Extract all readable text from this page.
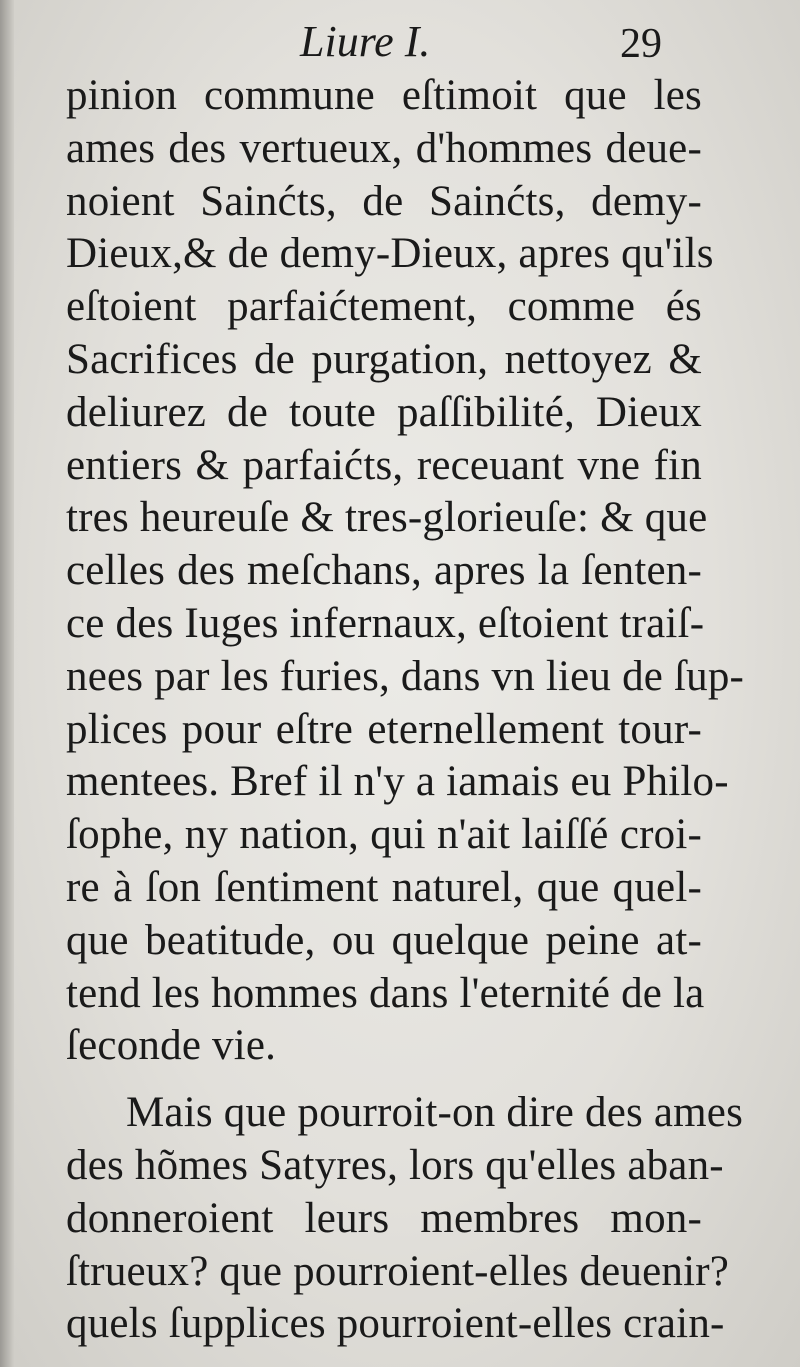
Liure I.	29
pinion commune eſtimoit que les
ames des vertueux, d'hommes deue-
noient Sainćts, de Sainćts, demy-
Dieux,& de demy-Dieux, apres qu'ils
eſtoient parfaićtement, comme és
Sacrifices de purgation, nettoyez &
deliurez de toute paſſibilité, Dieux
entiers & parfaićts, receuant vne fin
tres heureuſe & tres-glorieuſe: & que
celles des meſchans, apres la ſenten-
ce des Iuges infernaux, eſtoient traiſ-
nees par les furies, dans vn lieu de ſup-
plices pour eſtre eternellement tour-
mentees. Bref il n'y a iamais eu Philo-
ſophe, ny nation, qui n'ait laiſſé croi-
re à ſon ſentiment naturel, que quel-
que beatitude, ou quelque peine at-
tend les hommes dans l'eternité de la
ſeconde vie.
Mais que pourroit-on dire des ames
des hõmes Satyres, lors qu'elles aban-
donneroient leurs membres mon-
ſtrueux? que pourroient-elles deuenir?
quels ſupplices pourroient-elles crain-
